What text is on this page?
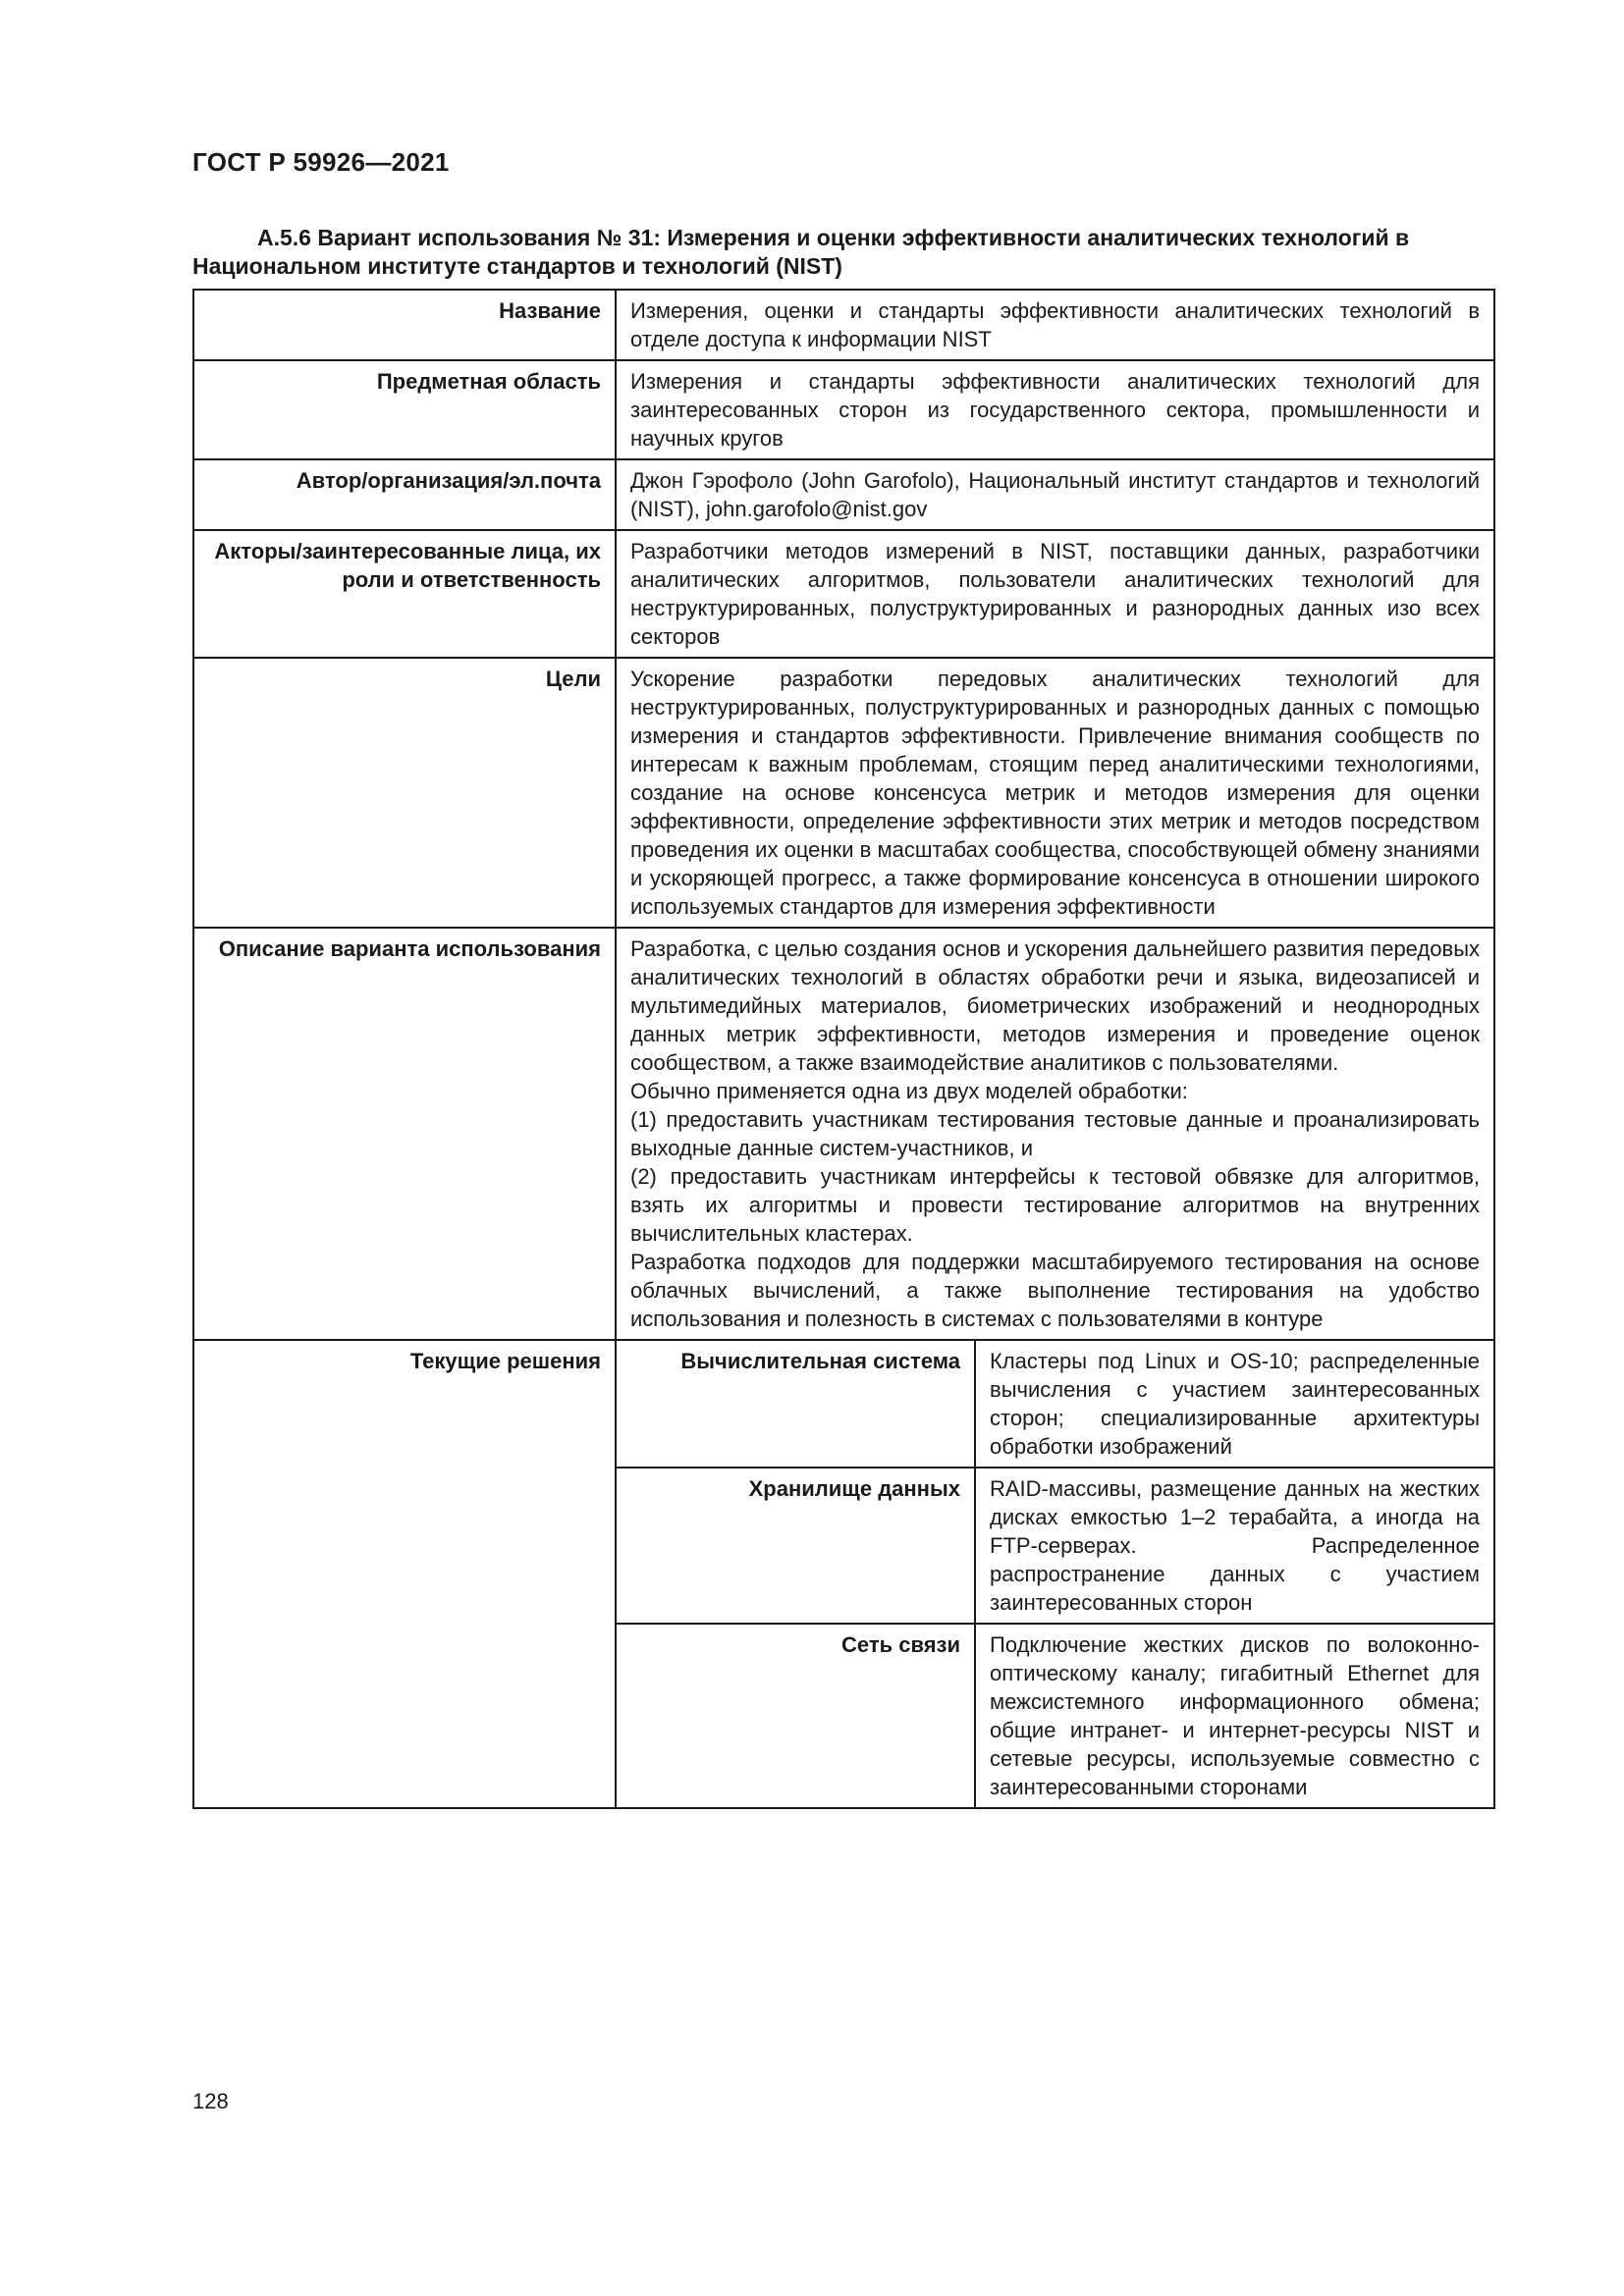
ГОСТ Р 59926—2021
А.5.6 Вариант использования № 31: Измерения и оценки эффективности аналитических технологий в Национальном институте стандартов и технологий (NIST)
Название	Измерения, оценки и стандарты эффективности аналитических технологий в отделе доступа к информации NIST	
Предметная область	Измерения и стандарты эффективности аналитических технологий для заинтересованных сторон из государственного сектора, промышленности и научных кругов	
Автор/организация/эл.почта	Джон Гэрофоло (John Garofolo), Национальный институт стандартов и технологий (NIST), john.garofolo@nist.gov	
Акторы/заинтересованные лица, их роли и ответственность	Разработчики методов измерений в NIST, поставщики данных, разработчики аналитических алгоритмов, пользователи аналитических технологий для неструктурированных, полуструктурированных и разнородных данных изо всех секторов	
Цели	Ускорение разработки передовых аналитических технологий для неструктурированных, полуструктурированных и разнородных данных с помощью измерения и стандартов эффективности. Привлечение внимания сообществ по интересам к важным проблемам, стоящим перед аналитическими технологиями, создание на основе консенсуса метрик и методов измерения для оценки эффективности, определение эффективности этих метрик и методов посредством проведения их оценки в масштабах сообщества, способствующей обмену знаниями и ускоряющей прогресс, а также формирование консенсуса в отношении широкого используемых стандартов для измерения эффективности	
Описание варианта использования	Разработка, с целью создания основ и ускорения дальнейшего развития передовых аналитических технологий в областях обработки речи и языка, видеозаписей и мультимедийных материалов, биометрических изображений и неоднородных данных метрик эффективности, методов измерения и проведение оценок сообществом, а также взаимодействие аналитиков с пользователями.

Обычно применяется одна из двух моделей обработки:

(1) предоставить участникам тестирования тестовые данные и проанализировать выходные данные систем-участников, и

(2) предоставить участникам интерфейсы к тестовой обвязке для алгоритмов, взять их алгоритмы и провести тестирование алгоритмов на внутренних вычислительных кластерах.

Разработка подходов для поддержки масштабируемого тестирования на основе облачных вычислений, а также выполнение тестирования на удобство использования и полезность в системах с пользователями в контуре	

Текущие решения	Вычислительная система	Кластеры под Linux и OS-10; распределенные вычисления с участием заинтересованных сторон; специализированные архитектуры обработки изображений
	Хранилище данных	RAID-массивы, размещение данных на жестких дисках емкостью 1–2 терабайта, а иногда на FTP-серверах. Распределенное распространение данных с участием заинтересованных сторон
	Сеть связи	Подключение жестких дисков по волоконно-оптическому каналу; гигабитный Ethernet для межсистемного информационного обмена; общие интранет- и интернет-ресурсы NIST и сетевые ресурсы, используемые совместно с заинтересованными сторонами
128
